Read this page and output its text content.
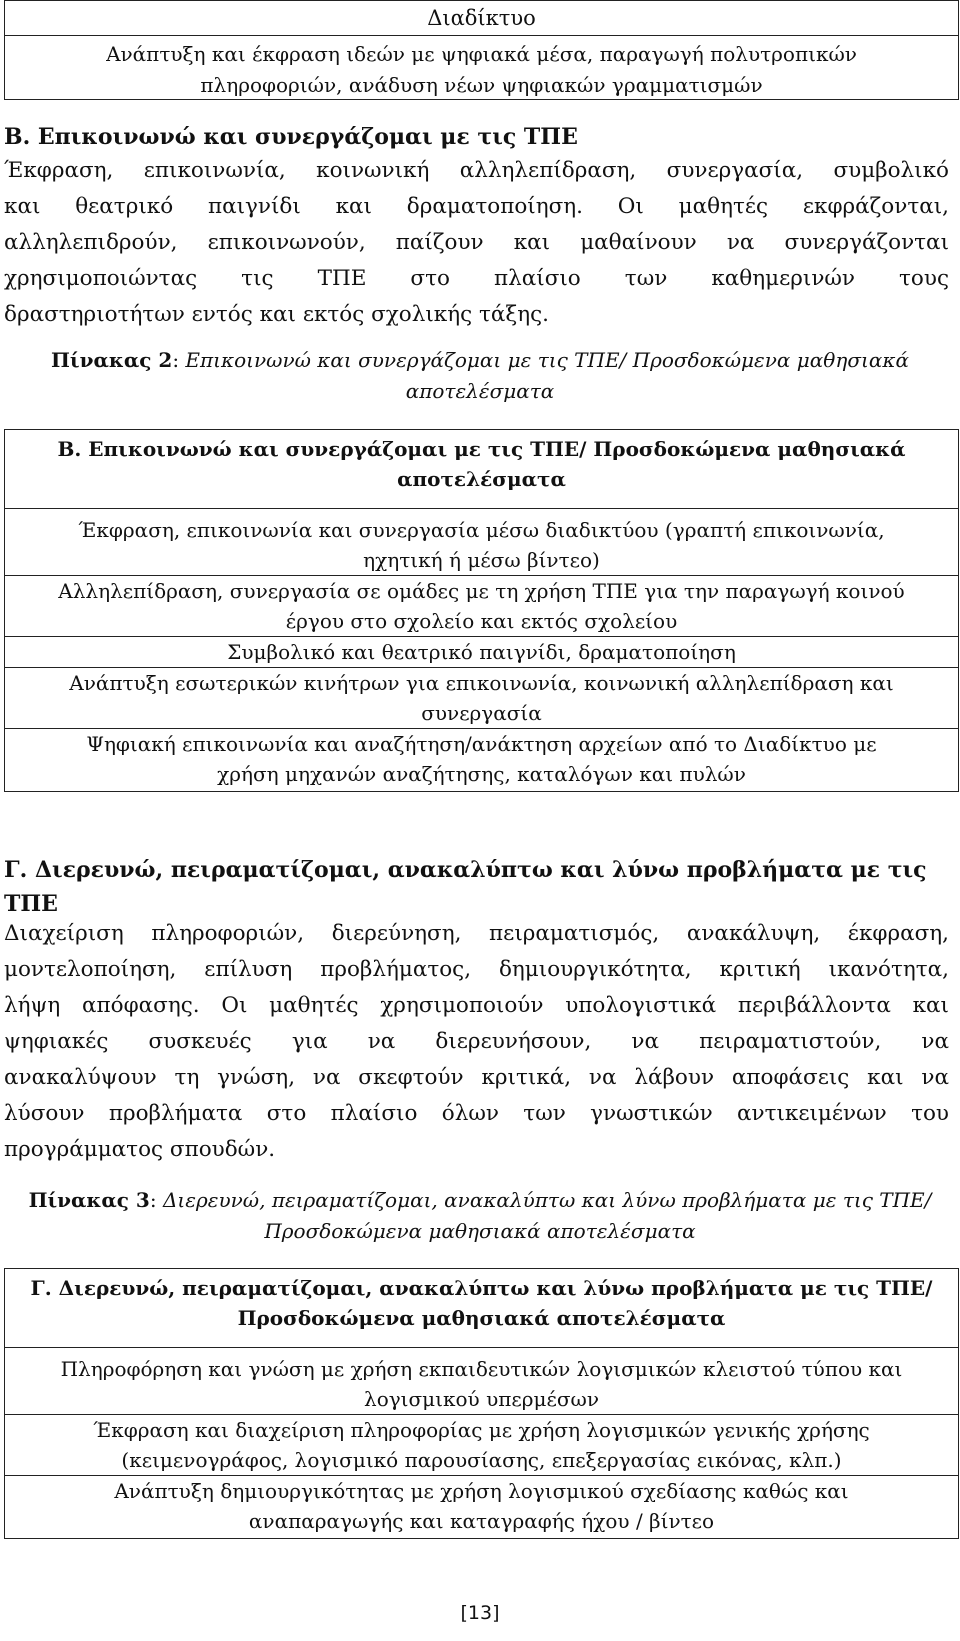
Διαδίκτυο
Ανάπτυξη και έκφραση ιδεών με ψηφιακά μέσα, παραγωγή πολυτροπικών
πληροφοριών, ανάδυση νέων ψηφιακών γραμματισμών
Β. Επικοινωνώ και συνεργάζομαι με τις ΤΠΕ
Έκφραση, επικοινωνία, κοινωνική αλληλεπίδραση, συνεργασία, συμβολικό
και θεατρικό παιγνίδι και δραματοποίηση. Οι μαθητές εκφράζονται,
αλληλεπιδρούν, επικοινωνούν, παίζουν και μαθαίνουν να συνεργάζονται
χρησιμοποιώντας τις ΤΠΕ στο πλαίσιο των καθημερινών τους
δραστηριοτήτων εντός και εκτός σχολικής τάξης.
Πίνακας 2: Επικοινωνώ και συνεργάζομαι με τις ΤΠΕ/ Προσδοκώμενα μαθησιακά
αποτελέσματα
Β. Επικοινωνώ και συνεργάζομαι με τις ΤΠΕ/ Προσδοκώμενα μαθησιακά
αποτελέσματα

Έκφραση, επικοινωνία και συνεργασία μέσω διαδικτύου (γραπτή επικοινωνία,
ηχητική ή μέσω βίντεο)

Αλληλεπίδραση, συνεργασία σε ομάδες με τη χρήση ΤΠΕ για την παραγωγή κοινού
έργου στο σχολείο και εκτός σχολείου

Συμβολικό και θεατρικό παιγνίδι, δραματοποίηση

Ανάπτυξη εσωτερικών κινήτρων για επικοινωνία, κοινωνική αλληλεπίδραση και
συνεργασία

Ψηφιακή επικοινωνία και αναζήτηση/ανάκτηση αρχείων από το Διαδίκτυο με
χρήση μηχανών αναζήτησης, καταλόγων και πυλών
Γ. Διερευνώ, πειραματίζομαι, ανακαλύπτω και λύνω προβλήματα με τις
ΤΠΕ
Διαχείριση πληροφοριών, διερεύνηση, πειραματισμός, ανακάλυψη, έκφραση,
μοντελοποίηση, επίλυση προβλήματος, δημιουργικότητα, κριτική ικανότητα,
λήψη απόφασης. Οι μαθητές χρησιμοποιούν υπολογιστικά περιβάλλοντα και
ψηφιακές συσκευές για να διερευνήσουν, να πειραματιστούν, να
ανακαλύψουν τη γνώση, να σκεφτούν κριτικά, να λάβουν αποφάσεις και να
λύσουν προβλήματα στο πλαίσιο όλων των γνωστικών αντικειμένων του
προγράμματος σπουδών.
Πίνακας 3: Διερευνώ, πειραματίζομαι, ανακαλύπτω και λύνω προβλήματα με τις ΤΠΕ/
Προσδοκώμενα μαθησιακά αποτελέσματα
Γ. Διερευνώ, πειραματίζομαι, ανακαλύπτω και λύνω προβλήματα με τις ΤΠΕ/
Προσδοκώμενα μαθησιακά αποτελέσματα

Πληροφόρηση και γνώση με χρήση εκπαιδευτικών λογισμικών κλειστού τύπου και
λογισμικού υπερμέσων

Έκφραση και διαχείριση πληροφορίας με χρήση λογισμικών γενικής χρήσης
(κειμενογράφος, λογισμικό παρουσίασης, επεξεργασίας εικόνας, κλπ.)

Ανάπτυξη δημιουργικότητας με χρήση λογισμικού σχεδίασης καθώς και
αναπαραγωγής και καταγραφής ήχου / βίντεο
[13]
